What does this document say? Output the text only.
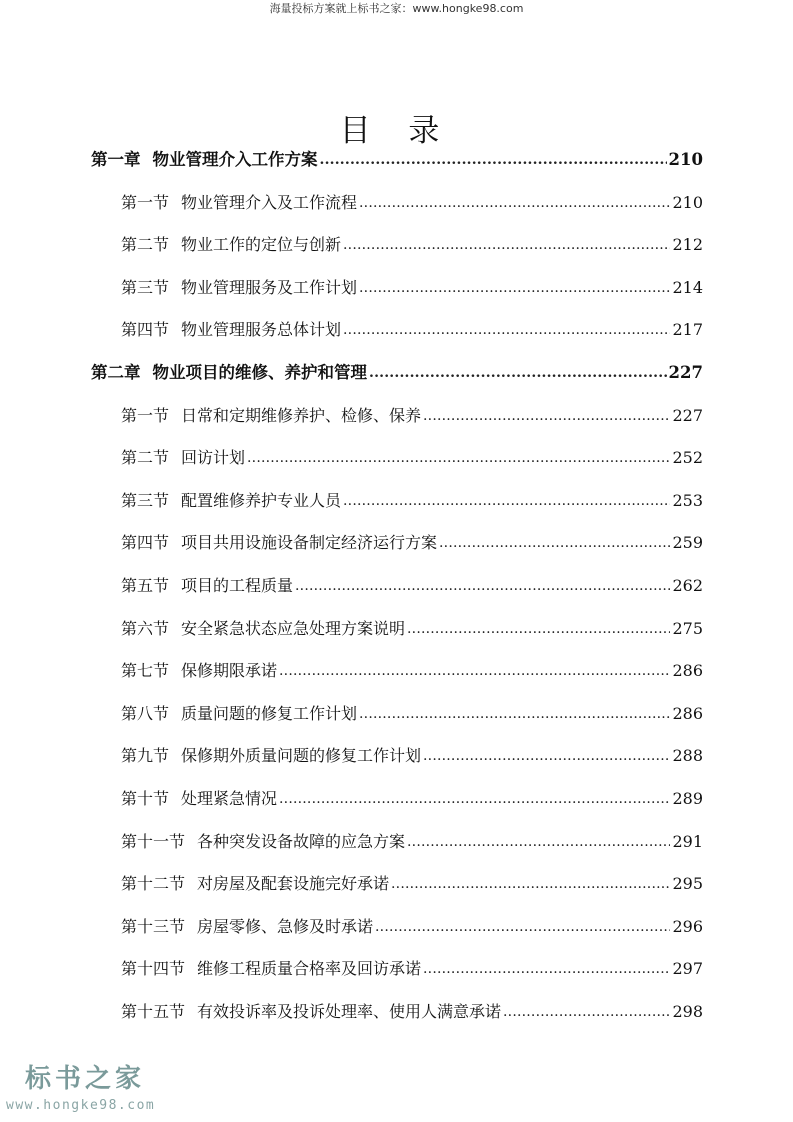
海量投标方案就上标书之家：www.hongke98.com
目 录
第一章 物业管理介入工作方案 .....	210
第一节 物业管理介入及工作流程 .....	210
第二节 物业工作的定位与创新 .....	212
第三节 物业管理服务及工作计划 .....	214
第四节 物业管理服务总体计划 .....	217
第二章 物业项目的维修、养护和管理 .....	227
第一节 日常和定期维修养护、检修、保养 .....	227
第二节 回访计划 .....	252
第三节 配置维修养护专业人员 .....	253
第四节 项目共用设施设备制定经济运行方案 .....	259
第五节 项目的工程质量 .....	262
第六节 安全紧急状态应急处理方案说明 .....	275
第七节 保修期限承诺 .....	286
第八节 质量问题的修复工作计划 .....	286
第九节 保修期外质量问题的修复工作计划 .....	288
第十节 处理紧急情况 .....	289
第十一节 各种突发设备故障的应急方案 .....	291
第十二节 对房屋及配套设施完好承诺 .....	295
第十三节 房屋零修、急修及时承诺 .....	296
第十四节 维修工程质量合格率及回访承诺 .....	297
第十五节 有效投诉率及投诉处理率、使用人满意承诺 .....	298
标书之家
www.hongke98.com
